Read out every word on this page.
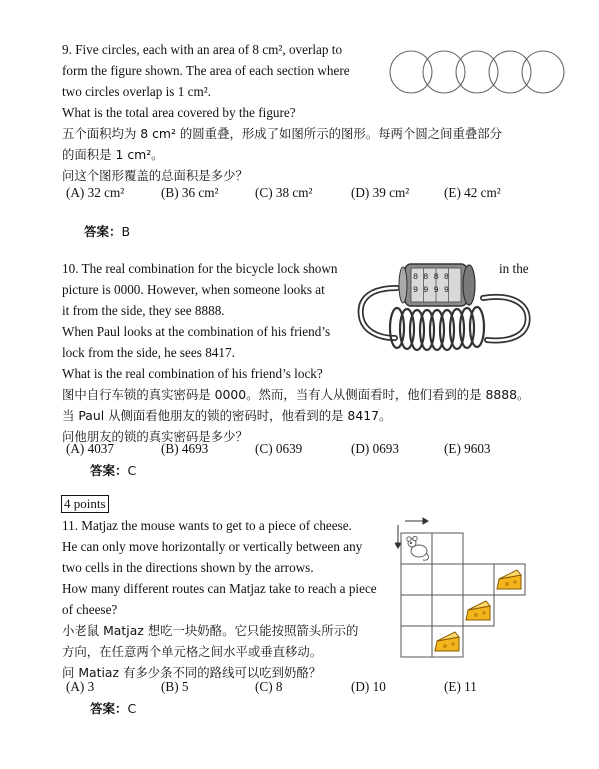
9. Five circles, each with an area of 8 cm², overlap to
form the figure shown. The area of each section where
two circles overlap is 1 cm².
What is the total area covered by the figure?
五个面积均为 8 cm² 的圆重叠，形成了如图所示的图形。每两个圆之间重叠部分
的面积是 1 cm²。
问这个图形覆盖的总面积是多少？
(A) 32 cm²	(B) 36 cm²	(C) 38 cm²	(D) 39 cm²	(E) 42 cm²
答案：B
10. The real combination for the bicycle lock shown	in the
picture is 0000. However, when someone looks at
it from the side, they see 8888.
When Paul looks at the combination of his friend’s
lock from the side, he sees 8417.
What is the real combination of his friend’s lock?
图中自行车锁的真实密码是 0000。然而，当有人从侧面看时，他们看到的是 8888。
当 Paul 从侧面看他朋友的锁的密码时，他看到的是 8417。
问他朋友的锁的真实密码是多少？
(A) 4037	(B) 4693	(C) 0639	(D) 0693	(E) 9603
答案：C
8888
9999
4 points
11. Matjaz the mouse wants to get to a piece of cheese.
He can only move horizontally or vertically between any
two cells in the directions shown by the arrows.
How many different routes can Matjaz take to reach a piece
of cheese?
小老鼠 Matjaz 想吃一块奶酪。它只能按照箭头所示的
方向，在任意两个单元格之间水平或垂直移动。
问 Matiaz 有多少条不同的路线可以吃到奶酪？
(A) 3	(B) 5	(C) 8	(D) 10	(E) 11
答案：C
